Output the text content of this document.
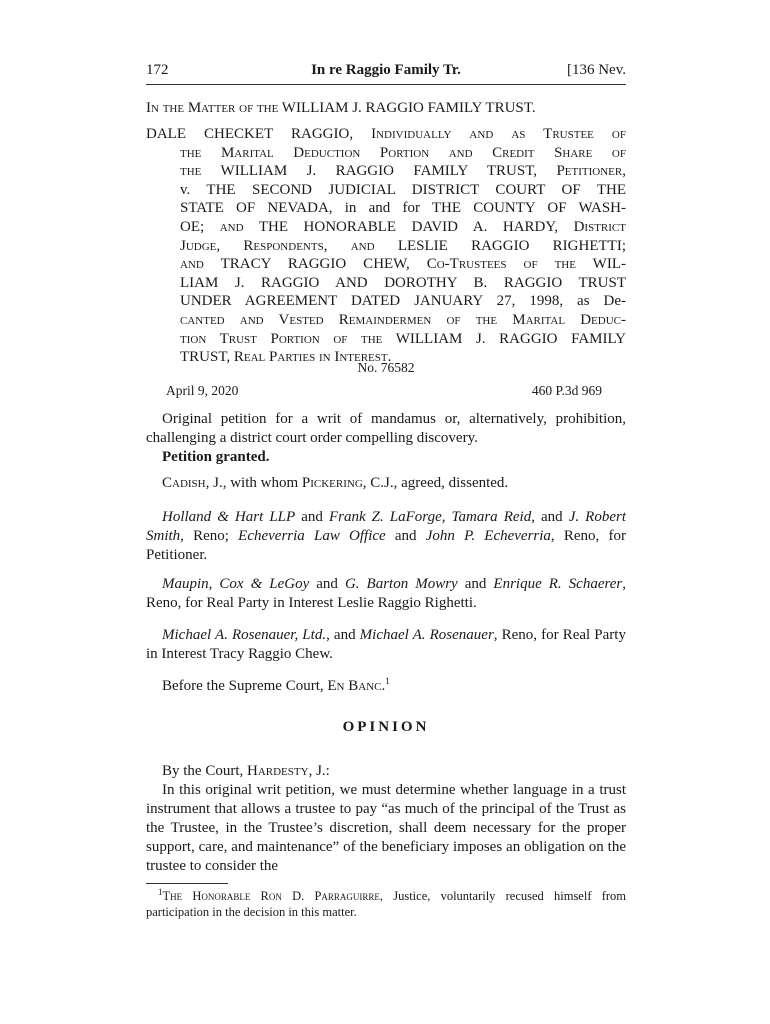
172	In re Raggio Family Tr.	[136 Nev.
In the Matter of the WILLIAM J. RAGGIO FAMILY TRUST.
DALE CHECKET RAGGIO, Individually and as Trustee of
the Marital Deduction Portion and Credit Share of
the WILLIAM J. RAGGIO FAMILY TRUST, Petitioner,
v. THE SECOND JUDICIAL DISTRICT COURT OF THE
STATE OF NEVADA, in and for THE COUNTY OF WASH-
OE; and THE HONORABLE DAVID A. HARDY, District
Judge, Respondents, and LESLIE RAGGIO RIGHETTI;
and TRACY RAGGIO CHEW, Co-Trustees of the WIL-
LIAM J. RAGGIO AND DOROTHY B. RAGGIO TRUST
UNDER AGREEMENT DATED JANUARY 27, 1998, as De-
canted and Vested Remaindermen of the Marital Deduc-
tion Trust Portion of the WILLIAM J. RAGGIO FAMILY
TRUST, Real Parties in Interest.
No. 76582
April 9, 2020	460 P.3d 969
Original petition for a writ of mandamus or, alternatively, prohibition, challenging a district court order compelling discovery.
Petition granted.
Cadish, J., with whom Pickering, C.J., agreed, dissented.
Holland & Hart LLP and Frank Z. LaForge, Tamara Reid, and J. Robert Smith, Reno; Echeverria Law Office and John P. Echeverria, Reno, for Petitioner.
Maupin, Cox & LeGoy and G. Barton Mowry and Enrique R. Schaerer, Reno, for Real Party in Interest Leslie Raggio Righetti.
Michael A. Rosenauer, Ltd., and Michael A. Rosenauer, Reno, for Real Party in Interest Tracy Raggio Chew.
Before the Supreme Court, En Banc.$^1$
OPINION
By the Court, Hardesty, J.:
In this original writ petition, we must determine whether language in a trust instrument that allows a trustee to pay “as much of the principal of the Trust as the Trustee, in the Trustee’s discretion, shall deem necessary for the proper support, care, and maintenance” of the beneficiary imposes an obligation on the trustee to consider the
$^1$The Honorable Ron D. Parraguirre, Justice, voluntarily recused himself from participation in the decision in this matter.
